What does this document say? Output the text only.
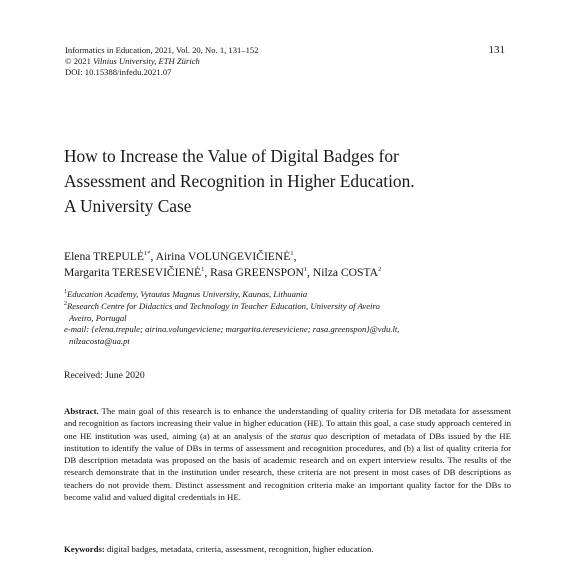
Informatics in Education, 2021, Vol. 20, No. 1, 131–152
© 2021 Vilnius University, ETH Zürich
DOI: 10.15388/infedu.2021.07
131
How to Increase the Value of Digital Badges for
Assessment and Recognition in Higher Education.
A University Case
Elena $TREPULĖ^{1*}$, Airina VOLUNGEVIČIENĖ$^1$,
Margarita TERESEVIČIENĖ$^1$, Rasa GREENSPON$^1$, Nilza COSTA$^2$
$^1$Education Academy, Vytautas Magnus University, Kaunas, Lithuania
$^2$Research Centre for Didactics and Technology in Teacher Education, University of Aveiro
Aveiro, Portugal
e-mail: {elena.trepule; airina.volungeviciene; margarita.tereseviciene; rasa.greenspon}@vdu.lt,
nilzacosta@ua.pt
Received: June 2020
Abstract. The main goal of this research is to enhance the understanding of quality criteria for DB metadata for assessment and recognition as factors increasing their value in higher education (HE). To attain this goal, a case study approach centered in one HE institution was used, aiming (a) at an analysis of the status quo description of metadata of DBs issued by the HE institution to identify the value of DBs in terms of assessment and recognition procedures, and (b) a list of quality criteria for DB description metadata was proposed on the basis of academic research and on expert interview results. The results of the research demonstrate that in the institution under research, these criteria are not present in most cases of DB descriptions as teachers do not provide them. Distinct assessment and recognition criteria make an important quality factor for the DBs to become valid and valued digital credentials in HE.
Keywords: digital badges, metadata, criteria, assessment, recognition, higher education.
